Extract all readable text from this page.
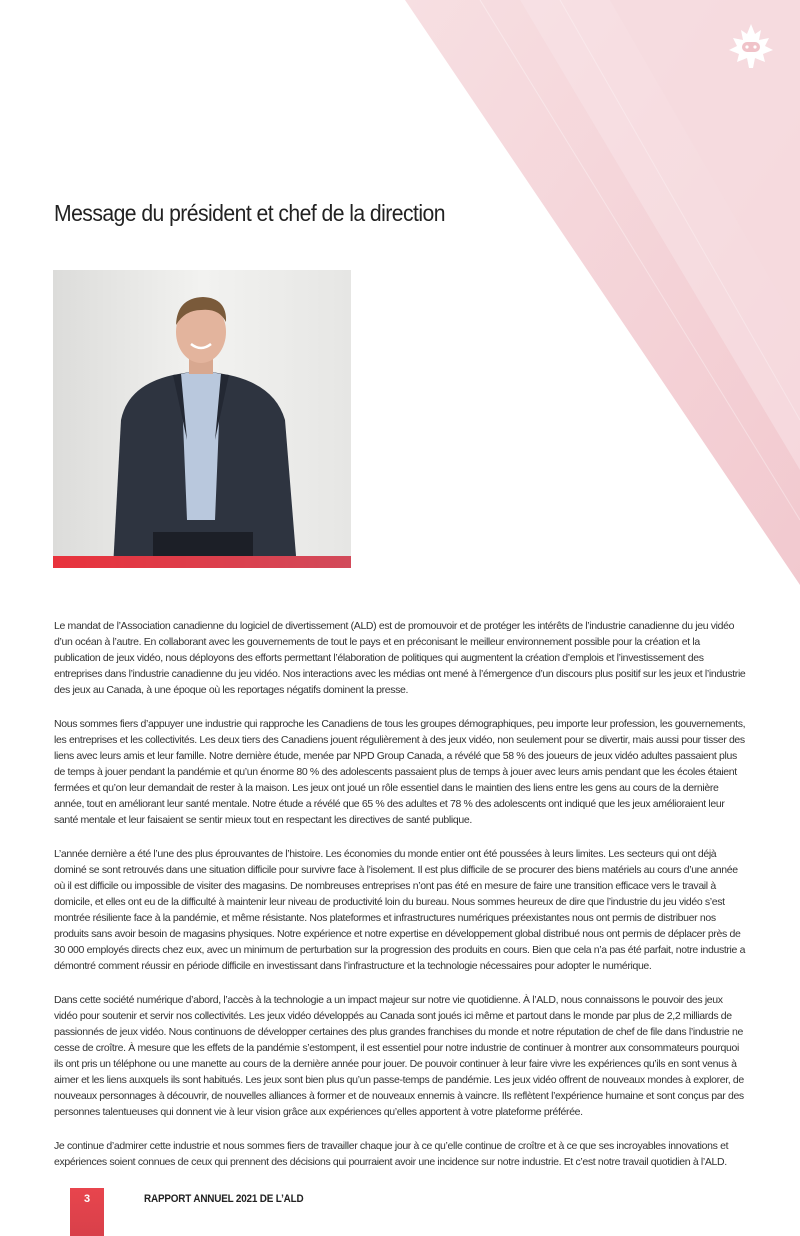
Message du président et chef de la direction

Le mandat de l’Association canadienne du logiciel de divertissement (ALD) est de promouvoir et de protéger les intérêts de l’industrie canadienne du jeu vidéo d’un océan à l’autre. En collaborant avec les gouvernements de tout le pays et en préconisant le meilleur environnement possible pour la création et la publication de jeux vidéo, nous déployons des efforts permettant l’élaboration de politiques qui augmentent la création d’emplois et l’investissement des entreprises dans l’industrie canadienne du jeu vidéo. Nos interactions avec les médias ont mené à l’émergence d’un discours plus positif sur les jeux et l’industrie des jeux au Canada, à une époque où les reportages négatifs dominent la presse.

Nous sommes fiers d’appuyer une industrie qui rapproche les Canadiens de tous les groupes démographiques, peu importe leur profession, les gouvernements, les entreprises et les collectivités. Les deux tiers des Canadiens jouent régulièrement à des jeux vidéo, non seulement pour se divertir, mais aussi pour tisser des liens avec leurs amis et leur famille. Notre dernière étude, menée par NPD Group Canada, a révélé que 58 % des joueurs de jeux vidéo adultes passaient plus de temps à jouer pendant la pandémie et qu’un énorme 80 % des adolescents passaient plus de temps à jouer avec leurs amis pendant que les écoles étaient fermées et qu’on leur demandait de rester à la maison. Les jeux ont joué un rôle essentiel dans le maintien des liens entre les gens au cours de la dernière année, tout en améliorant leur santé mentale. Notre étude a révélé que 65 % des adultes et 78 % des adolescents ont indiqué que les jeux amélioraient leur santé mentale et leur faisaient se sentir mieux tout en respectant les directives de santé publique.

L’année dernière a été l’une des plus éprouvantes de l’histoire. Les économies du monde entier ont été poussées à leurs limites. Les secteurs qui ont déjà dominé se sont retrouvés dans une situation difficile pour survivre face à l’isolement. Il est plus difficile de se procurer des biens matériels au cours d’une année où il est difficile ou impossible de visiter des magasins. De nombreuses entreprises n’ont pas été en mesure de faire une transition efficace vers le travail à domicile, et elles ont eu de la difficulté à maintenir leur niveau de productivité loin du bureau. Nous sommes heureux de dire que l’industrie du jeu vidéo s’est montrée résiliente face à la pandémie, et même résistante. Nos plateformes et infrastructures numériques préexistantes nous ont permis de distribuer nos produits sans avoir besoin de magasins physiques. Notre expérience et notre expertise en développement global distribué nous ont permis de déplacer près de 30 000 employés directs chez eux, avec un minimum de perturbation sur la progression des produits en cours. Bien que cela n’a pas été parfait, notre industrie a démontré comment réussir en période difficile en investissant dans l’infrastructure et la technologie nécessaires pour adopter le numérique.

Dans cette société numérique d’abord, l’accès à la technologie a un impact majeur sur notre vie quotidienne. À l’ALD, nous connaissons le pouvoir des jeux vidéo pour soutenir et servir nos collectivités. Les jeux vidéo développés au Canada sont joués ici même et partout dans le monde par plus de 2,2 milliards de passionnés de jeux vidéo. Nous continuons de développer certaines des plus grandes franchises du monde et notre réputation de chef de file dans l’industrie ne cesse de croître. À mesure que les effets de la pandémie s’estompent, il est essentiel pour notre industrie de continuer à montrer aux consommateurs pourquoi ils ont pris un téléphone ou une manette au cours de la dernière année pour jouer. De pouvoir continuer à leur faire vivre les expériences qu’ils en sont venus à aimer et les liens auxquels ils sont habitués. Les jeux sont bien plus qu’un passe-temps de pandémie. Les jeux vidéo offrent de nouveaux mondes à explorer, de nouveaux personnages à découvrir, de nouvelles alliances à former et de nouveaux ennemis à vaincre. Ils reflètent l’expérience humaine et sont conçus par des personnes talentueuses qui donnent vie à leur vision grâce aux expériences qu’elles apportent à votre plateforme préférée.

Je continue d’admirer cette industrie et nous sommes fiers de travailler chaque jour à ce qu’elle continue de croître et à ce que ses incroyables innovations et expériences soient connues de ceux qui prennent des décisions qui pourraient avoir une incidence sur notre industrie. Et c’est notre travail quotidien à l’ALD.

3	RAPPORT ANNUEL 2021 DE L’ALD
